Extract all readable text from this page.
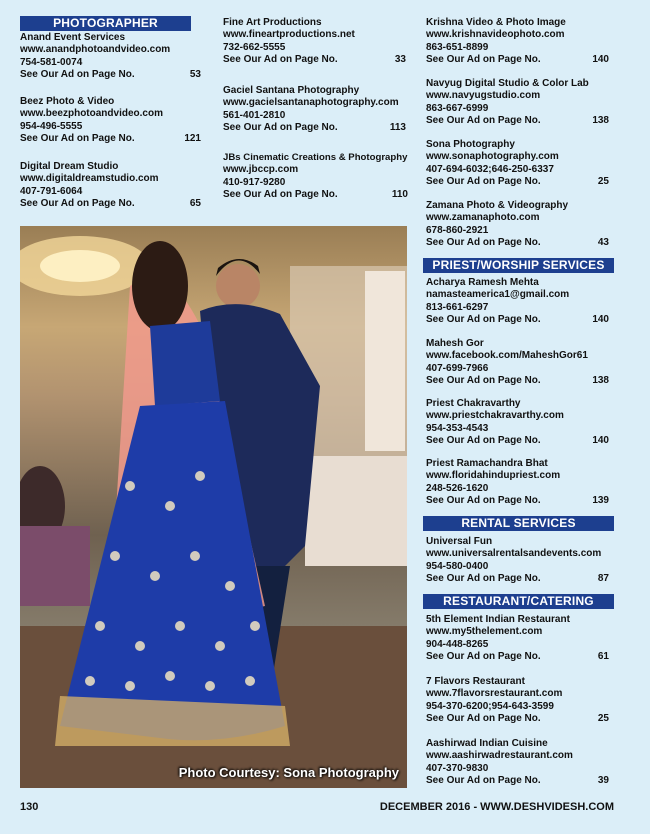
PHOTOGRAPHER
PRIEST/WORSHIP SERVICES
RENTAL SERVICES
RESTAURANT/CATERING
Anand Event Services
www.anandphotoandvideo.com
754-581-0074
See Our Ad on Page No.	53
Beez Photo & Video
www.beezphotoandvideo.com
954-496-5555
See Our Ad on Page No.	121
Digital Dream Studio
www.digitaldreamstudio.com
407-791-6064
See Our Ad on Page No.	65
Fine Art Productions
www.fineartproductions.net
732-662-5555
See Our Ad on Page No.	33
Gaciel Santana Photography
www.gacielsantanaphotography.com
561-401-2810
See Our Ad on Page No.	113
JBs Cinematic Creations & Photography
www.jbccp.com
410-917-9280
See Our Ad on Page No.	110
Krishna Video & Photo Image
www.krishnavideophoto.com
863-651-8899
See Our Ad on Page No.	140
Navyug Digital Studio & Color Lab
www.navyugstudio.com
863-667-6999
See Our Ad on Page No.	138
Sona Photography
www.sonaphotography.com
407-694-6032;646-250-6337
See Our Ad on Page No.	25
Zamana Photo & Videography
www.zamanaphoto.com
678-860-2921
See Our Ad on Page No.	43
Acharya Ramesh Mehta
namasteamerica1@gmail.com
813-661-6297
See Our Ad on Page No.	140
Mahesh Gor
www.facebook.com/MaheshGor61
407-699-7966
See Our Ad on Page No.	138
Priest Chakravarthy
www.priestchakravarthy.com
954-353-4543
See Our Ad on Page No.	140
Priest Ramachandra Bhat
www.floridahindupriest.com
248-526-1620
See Our Ad on Page No.	139
Universal Fun
www.universalrentalsandevents.com
954-580-0400
See Our Ad on Page No.	87
5th Element Indian Restaurant
www.my5thelement.com
904-448-8265
See Our Ad on Page No.	61
7 Flavors Restaurant
www.7flavorsrestaurant.com
954-370-6200;954-643-3599
See Our Ad on Page No.	25
Aashirwad Indian Cuisine
www.aashirwadrestaurant.com
407-370-9830
See Our Ad on Page No.	39
Photo Courtesy: Sona Photography
130	DECEMBER 2016 - WWW.DESHVIDESH.COM
